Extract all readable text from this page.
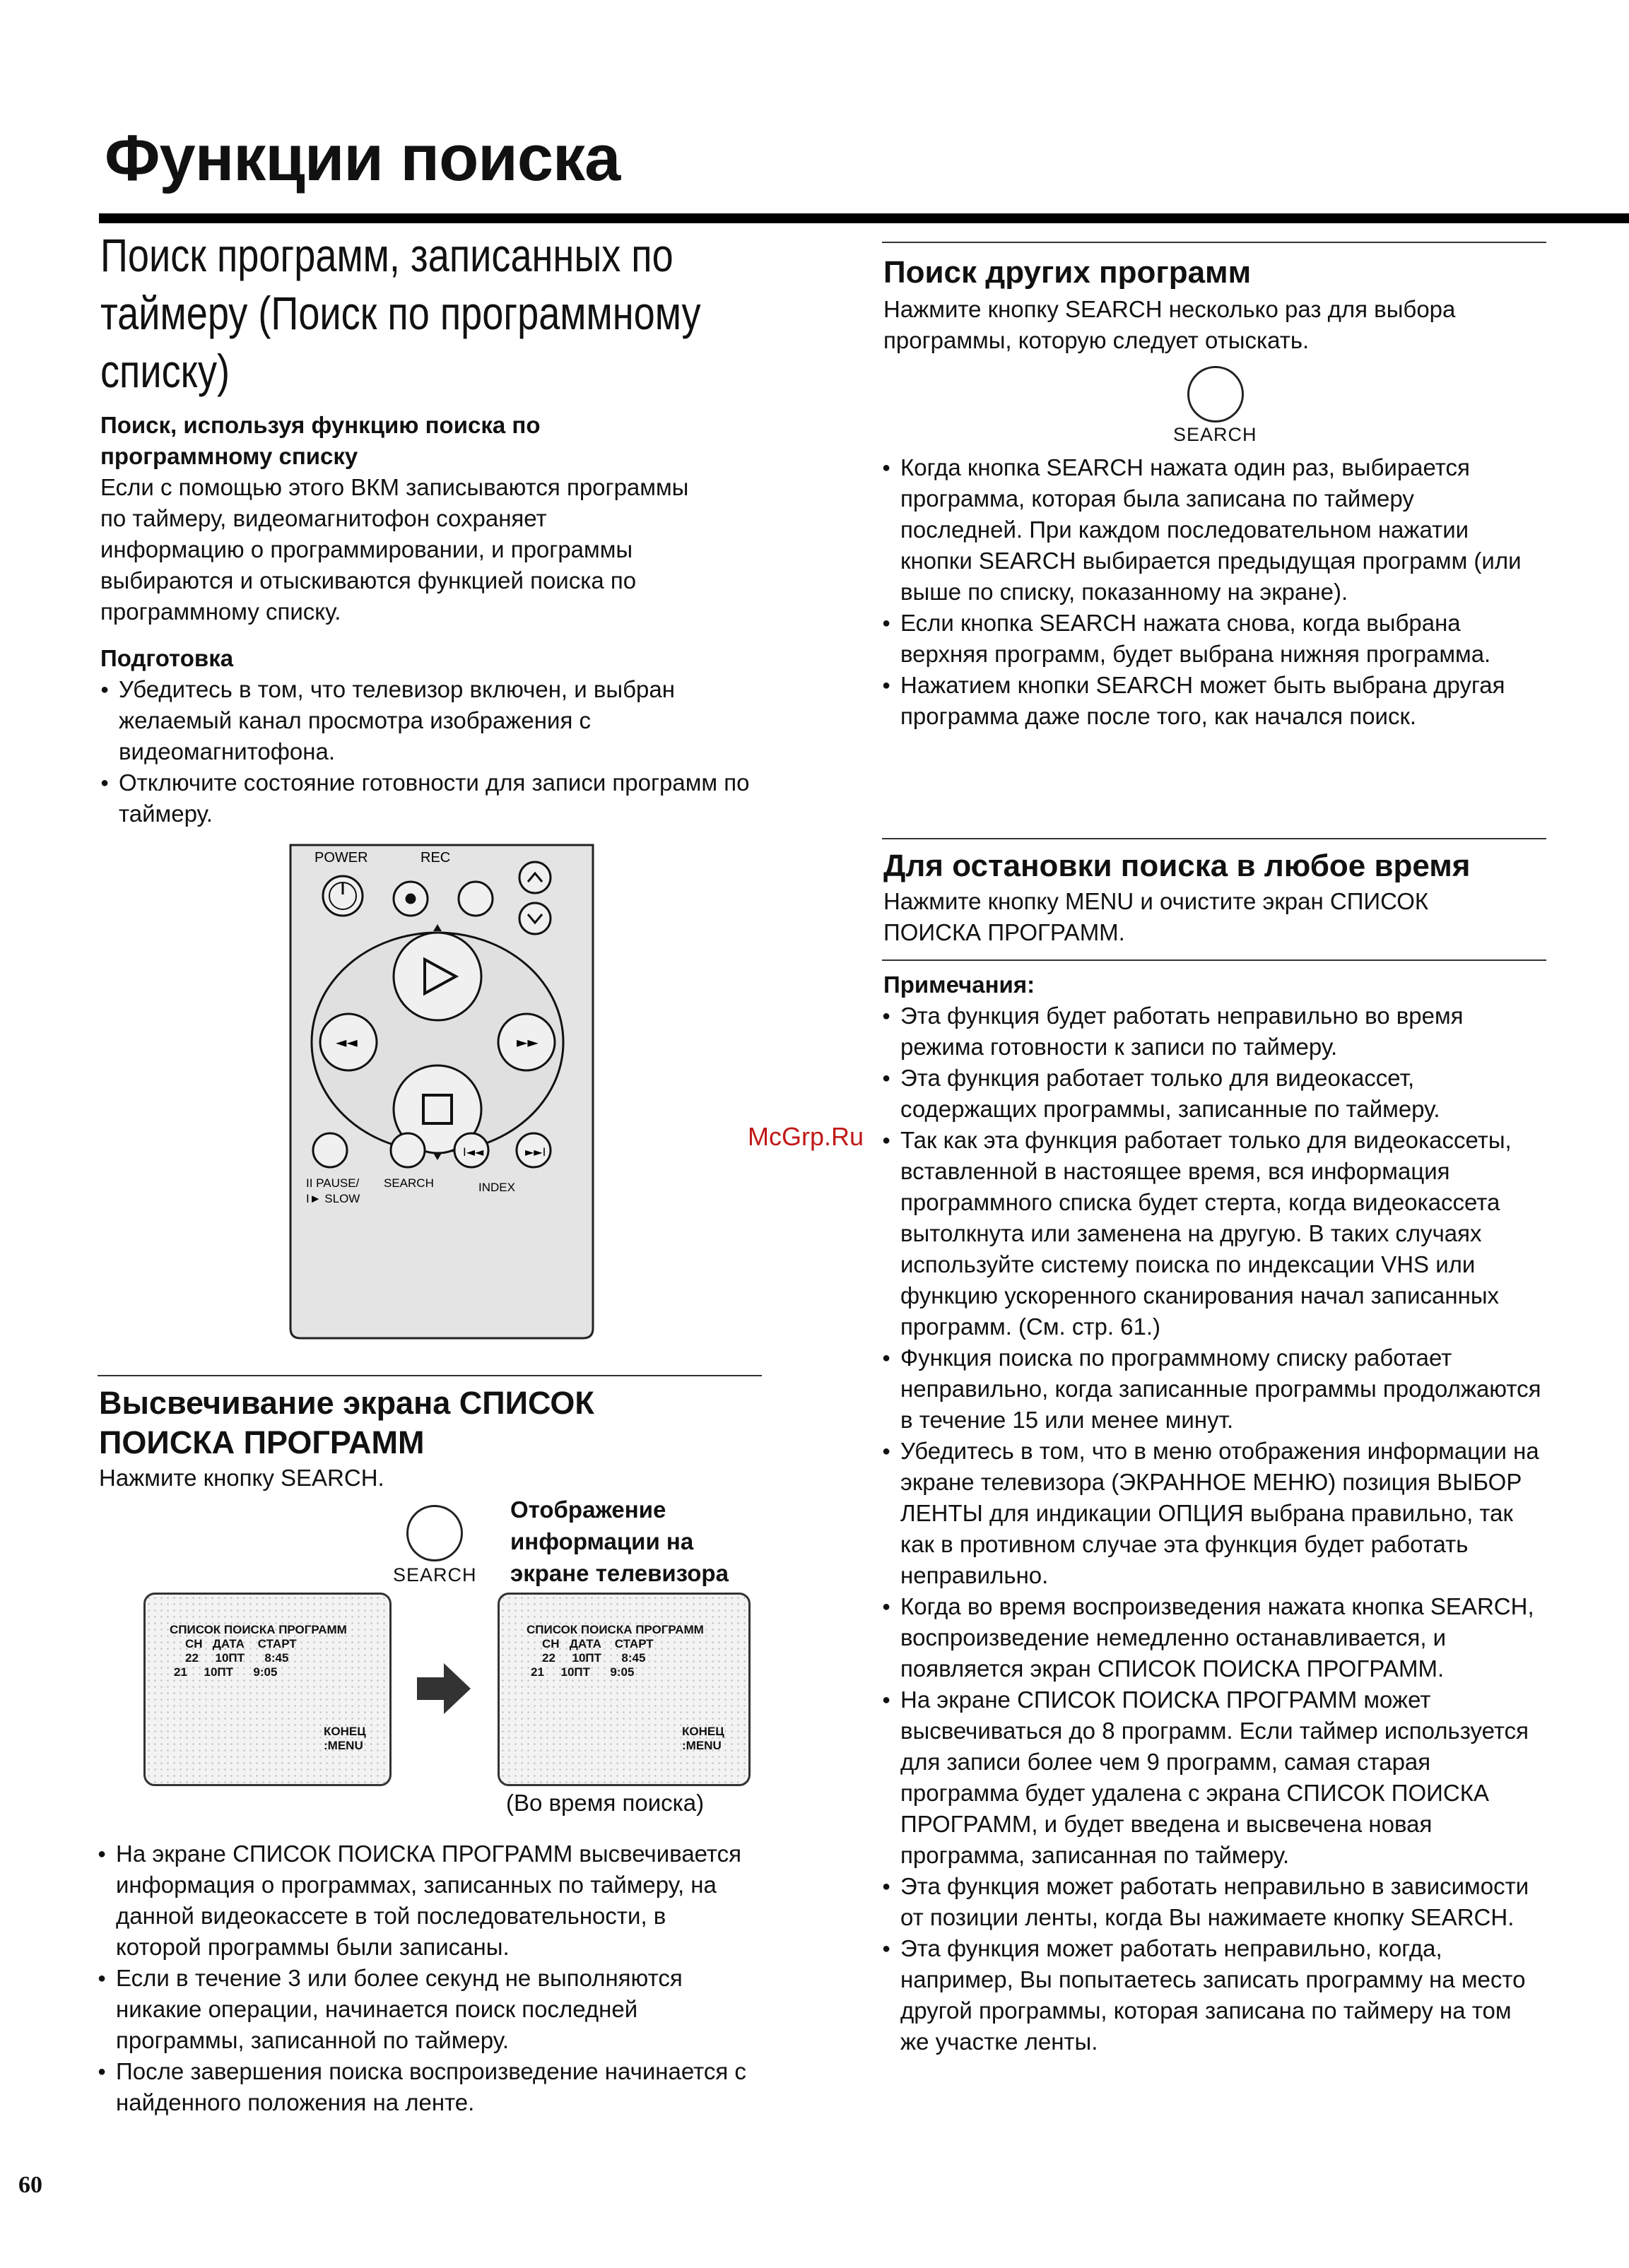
Функции поиска
Поиск программ, записанных по
таймеру (Поиск по программному
списку)
Поиск, используя функцию поиска по
программному списку
Если с помощью этого ВКМ записываются программы
по таймеру, видеомагнитофон сохраняет
информацию о программировании, и программы
выбираются и отыскиваются функцией поиска по
программному списку.
Подготовка
● Убедитесь в том, что телевизор включен, и выбран желаемый канал просмотра изображения с видеомагнитофона.
● Отключите состояние готовности для записи программ по таймеру.
◄◄	►►
I◄◄	►►I
POWER	REC
II PAUSE/
I► SLOW
SEARCH	INDEX
Высвечивание экрана СПИСОК
ПОИСКА ПРОГРАММ
Нажмите кнопку SEARCH.
SEARCH
Отображение
информации на
экране телевизора
СПИСОК ПОИСКА ПРОГРАММ
CH   ДАТА    СТАРТ
22     10ПТ      8:45
21     10ПТ      9:05
КОНЕЦ
:MENU
СПИСОК ПОИСКА ПРОГРАММ
CH   ДАТА    СТАРТ
22     10ПТ      8:45
21     10ПТ      9:05
КОНЕЦ
:MENU
(Во время поиска)
● На экране СПИСОК ПОИСКА ПРОГРАММ высвечивается информация о программах, записанных по таймеру, на данной видеокассете в той последовательности, в которой программы были записаны.
● Если в течение 3 или более секунд не выполняются никакие операции, начинается поиск последней программы, записанной по таймеру.
● После завершения поиска воспроизведение начинается с найденного положения на ленте.
Поиск других программ
Нажмите кнопку SEARCH несколько раз для выбора программы, которую следует отыскать.
SEARCH
● Когда кнопка SEARCH нажата один раз, выбирается программа, которая была записана по таймеру последней. При каждом последовательном нажатии кнопки SEARCH выбирается предыдущая программ (или выше по списку, показанному на экране).
● Если кнопка SEARCH нажата снова, когда выбрана верхняя программ, будет выбрана нижняя программа.
● Нажатием кнопки SEARCH может быть выбрана другая программа даже после того, как начался поиск.
Для остановки поиска в любое время
Нажмите кнопку MENU и очистите экран СПИСОК ПОИСКА ПРОГРАММ.
Примечания:
● Эта функция будет работать неправильно во время режима готовности к записи по таймеру.
● Эта функция работает только для видеокассет, содержащих программы, записанные по таймеру.
● Так как эта функция работает только для видеокассеты, вставленной в настоящее время, вся информация программного списка будет стерта, когда видеокассета вытолкнута или заменена на другую. В таких случаях используйте систему поиска по индексации VHS или функцию ускоренного сканирования начал записанных программ. (См. стр. 61.)
● Функция поиска по программному списку работает неправильно, когда записанные программы продолжаются в течение 15 или менее минут.
● Убедитесь в том, что в меню отображения информации на экране телевизора (ЭКРАННОЕ МЕНЮ) позиция ВЫБОР ЛЕНТЫ для индикации ОПЦИЯ выбрана правильно, так как в противном случае эта функция будет работать неправильно.
● Когда во время воспроизведения нажата кнопка SEARCH, воспроизведение немедленно останавливается, и появляется экран СПИСОК ПОИСКА ПРОГРАММ.
● На экране СПИСОК ПОИСКА ПРОГРАММ может высвечиваться до 8 программ. Если таймер используется для записи более чем 9 программ, самая старая программа будет удалена с экрана СПИСОК ПОИСКА ПРОГРАММ, и будет введена и высвечена новая программа, записанная по таймеру.
● Эта функция может работать неправильно в зависимости от позиции ленты, когда Вы нажимаете кнопку SEARCH.
● Эта функция может работать неправильно, когда, например, Вы попытаетесь записать программу на место другой программы, которая записана по таймеру на том же участке ленты.
McGrp.Ru
60
